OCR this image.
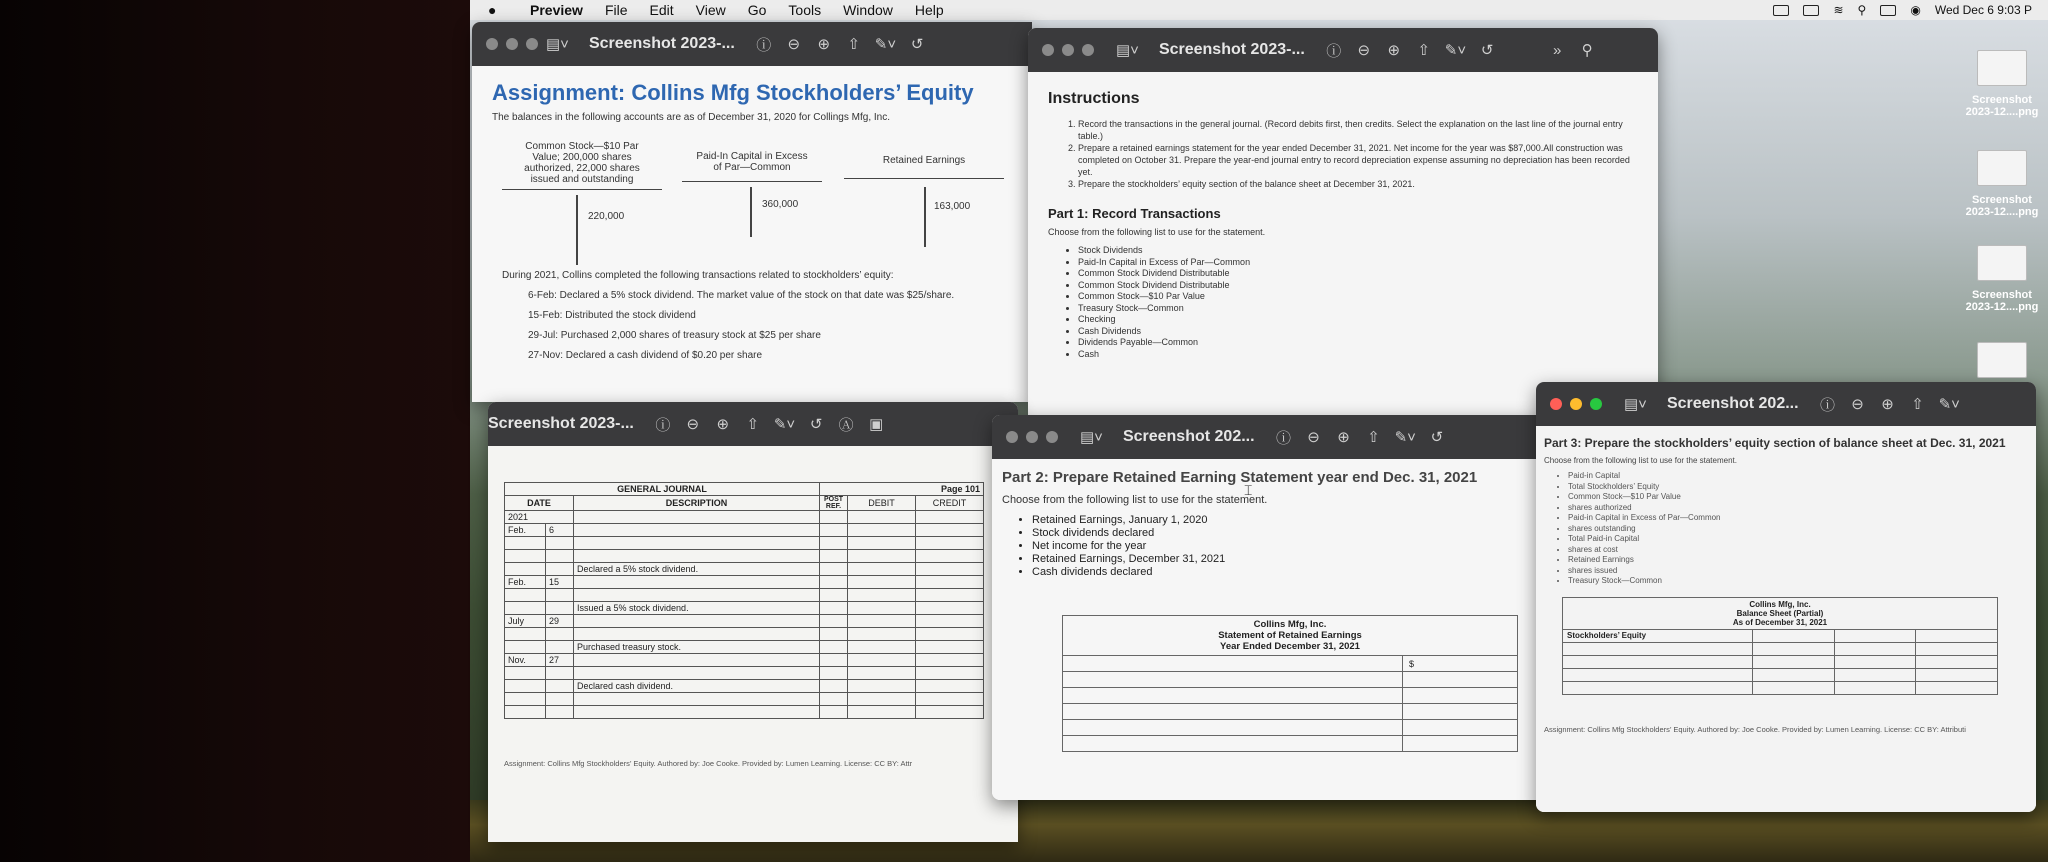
●	Preview File Edit View Go Tools Window Help	≋ ⚲	◉ Wed Dec 6 9:03 P
▤˅ Screenshot 2023-... ⓘ ⊖ ⊕ ⇧ ✎˅ ↺
Assignment: Collins Mfg Stockholders’ Equity
The balances in the following accounts are as of December 31, 2020 for Collings Mfg, Inc.
Common Stock—$10 Par Value; 200,000 shares authorized, 22,000 shares issued and outstanding
220,000
Paid-In Capital in Excess of Par—Common
360,000
Retained Earnings
163,000
During 2021, Collins completed the following transactions related to stockholders’ equity:
6-Feb: Declared a 5% stock dividend. The market value of the stock on that date was $25/share.
15-Feb: Distributed the stock dividend
29-Jul: Purchased 2,000 shares of treasury stock at $25 per share
27-Nov: Declared a cash dividend of $0.20 per share
▤˅ Screenshot 2023-... ⓘ ⊖ ⊕ ⇧ ✎˅ ↺	»	⚲
Instructions
1. Record the transactions in the general journal. (Record debits first, then credits. Select the explanation on the last line of the journal entry table.)
2. Prepare a retained earnings statement for the year ended December 31, 2021. Net income for the year was $87,000.All construction was completed on October 31. Prepare the year-end journal entry to record depreciation expense assuming no depreciation has been recorded yet.
3. Prepare the stockholders’ equity section of the balance sheet at December 31, 2021.
Part 1: Record Transactions
Choose from the following list to use for the statement.
• Stock Dividends
• Paid-In Capital in Excess of Par—Common
• Common Stock Dividend Distributable
• Common Stock Dividend Distributable
• Common Stock—$10 Par Value
• Treasury Stock—Common
• Checking
• Cash Dividends
• Dividends Payable—Common
• Cash
Screenshot 2023-... ⓘ ⊖ ⊕ ⇧ ✎˅ ↺ Ⓐ ▣
GENERAL JOURNAL			Page 101		
DATE		DESCRIPTION	POST REF.	DEBIT	CREDIT
2021					
Feb.	6				

		Declared a 5% stock dividend.			
Feb.	15				

		Issued a 5% stock dividend.			
July	29				

		Purchased treasury stock.			
Nov.	27				

		Declared cash dividend.			

Assignment: Collins Mfg Stockholders’ Equity. Authored by: Joe Cooke. Provided by: Lumen Learning. License: CC BY: Attr
▤˅ Screenshot 202... ⓘ ⊖ ⊕ ⇧ ✎˅ ↺
Part 2: Prepare Retained Earning Statement year end Dec. 31, 2021
Choose from the following list to use for the statement.
• Retained Earnings, January 1, 2020
• Stock dividends declared
• Net income for the year
• Retained Earnings, December 31, 2021
• Cash dividends declared
Collins Mfg, Inc.
Statement of Retained Earnings
Year Ended December 31, 2021	

	$

⌶
▤˅ Screenshot 202... ⓘ ⊖ ⊕ ⇧ ✎˅
Part 3: Prepare the stockholders’ equity section of balance sheet at Dec. 31, 2021
Choose from the following list to use for the statement.
• Paid-in Capital
• Total Stockholders’ Equity
• Common Stock—$10 Par Value
• shares authorized
• Paid-in Capital in Excess of Par—Common
• shares outstanding
• Total Paid-in Capital
• shares at cost
• Retained Earnings
• shares issued
• Treasury Stock—Common
Collins Mfg, Inc.
Balance Sheet (Partial)
As of December 31, 2021			

Stockholders’ Equity			

Assignment: Collins Mfg Stockholders’ Equity. Authored by: Joe Cooke. Provided by: Lumen Learning. License: CC BY: Attributi
Screenshot 2023-12....png
Screenshot 2023-12....png
Screenshot 2023-12....png
